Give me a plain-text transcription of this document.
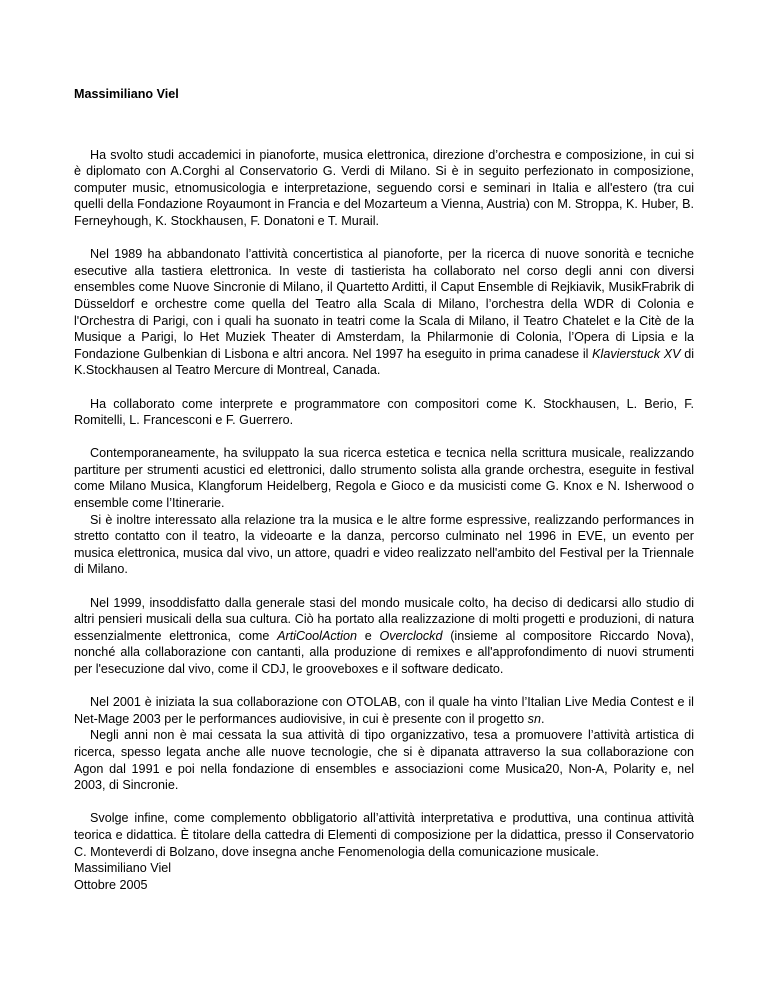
Massimiliano Viel

Ha svolto studi accademici in pianoforte, musica elettronica, direzione d’orchestra e composizione, in cui si è diplomato con A.Corghi al Conservatorio G. Verdi di Milano. Si è in seguito perfezionato in composizione, computer music, etnomusicologia e interpretazione, seguendo corsi e seminari in Italia e all'estero (tra cui quelli della Fondazione Royaumont in Francia e del Mozarteum a Vienna, Austria) con M. Stroppa, K. Huber, B. Ferneyhough, K. Stockhausen, F. Donatoni e T. Murail.

Nel 1989 ha abbandonato l’attività concertistica al pianoforte, per la ricerca di nuove sonorità e tecniche esecutive alla tastiera elettronica. In veste di tastierista ha collaborato nel corso degli anni con diversi ensembles come Nuove Sincronie di Milano, il Quartetto Arditti, il Caput Ensemble di Rejkiavik, MusikFrabrik di Düsseldorf e orchestre come quella del Teatro alla Scala di Milano, l’orchestra della WDR di Colonia e l'Orchestra di Parigi, con i quali ha suonato in teatri come la Scala di Milano, il Teatro Chatelet e la Citè de la Musique a Parigi, lo Het Muziek Theater di Amsterdam, la Philarmonie di Colonia, l’Opera di Lipsia e la Fondazione Gulbenkian di Lisbona e altri ancora. Nel 1997 ha eseguito in prima canadese il Klavierstuck XV di K.Stockhausen al Teatro Mercure di Montreal, Canada.

Ha collaborato come interprete e programmatore con compositori come K. Stockhausen, L. Berio, F. Romitelli, L. Francesconi e F. Guerrero.

Contemporaneamente, ha sviluppato la sua ricerca estetica e tecnica nella scrittura musicale, realizzando partiture per strumenti acustici ed elettronici, dallo strumento solista alla grande orchestra, eseguite in festival come Milano Musica, Klangforum Heidelberg, Regola e Gioco e da musicisti come G. Knox e N. Isherwood o ensemble come l’Itinerarie.

Si è inoltre interessato alla relazione tra la musica e le altre forme espressive, realizzando performances in stretto contatto con il teatro, la videoarte e la danza, percorso culminato nel 1996 in EVE, un evento per musica elettronica, musica dal vivo, un attore, quadri e video realizzato nell'ambito del Festival per la Triennale di Milano.

Nel 1999, insoddisfatto dalla generale stasi del mondo musicale colto, ha deciso di dedicarsi allo studio di altri pensieri musicali della sua cultura. Ciò ha portato alla realizzazione di molti progetti e produzioni, di natura essenzialmente elettronica, come ArtiCoolAction e Overclockd (insieme al compositore Riccardo Nova), nonché alla collaborazione con cantanti, alla produzione di remixes e all'approfondimento di nuovi strumenti per l'esecuzione dal vivo, come il CDJ, le grooveboxes e il software dedicato.

Nel 2001 è iniziata la sua collaborazione con OTOLAB, con il quale ha vinto l’Italian Live Media Contest e il Net-Mage 2003 per le performances audiovisive, in cui è presente con il progetto sn.

Negli anni non è mai cessata la sua attività di tipo organizzativo, tesa a promuovere l’attività artistica di ricerca, spesso legata anche alle nuove tecnologie, che si è dipanata attraverso la sua collaborazione con Agon dal 1991 e poi nella fondazione di ensembles e associazioni come Musica20, Non-A, Polarity e, nel 2003, di Sincronie.

Svolge infine, come complemento obbligatorio all’attività interpretativa e produttiva, una continua attività teorica e didattica. È titolare della cattedra di Elementi di composizione per la didattica, presso il Conservatorio C. Monteverdi di Bolzano, dove insegna anche Fenomenologia della comunicazione musicale.

Massimiliano Viel

Ottobre 2005
